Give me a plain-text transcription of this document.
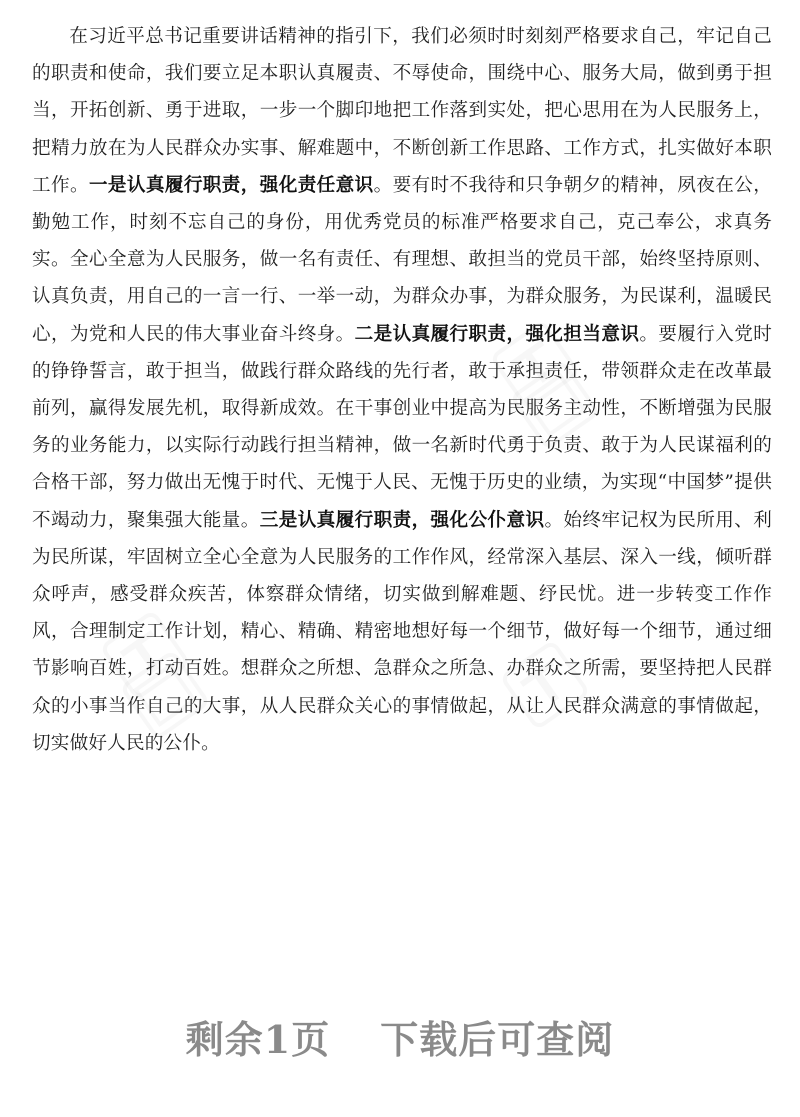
在习近平总书记重要讲话精神的指引下，我们必须时时刻刻严格要求自己，牢记自己的职责和使命，我们要立足本职认真履责、不辱使命，围绕中心、服务大局，做到勇于担当，开拓创新、勇于进取，一步一个脚印地把工作落到实处，把心思用在为人民服务上，把精力放在为人民群众办实事、解难题中，不断创新工作思路、工作方式，扎实做好本职工作。一是认真履行职责，强化责任意识。要有时不我待和只争朝夕的精神，夙夜在公，勤勉工作，时刻不忘自己的身份，用优秀党员的标准严格要求自己，克己奉公，求真务实。全心全意为人民服务，做一名有责任、有理想、敢担当的党员干部，始终坚持原则、认真负责，用自己的一言一行、一举一动，为群众办事，为群众服务，为民谋利，温暖民心，为党和人民的伟大事业奋斗终身。二是认真履行职责，强化担当意识。要履行入党时的铮铮誓言，敢于担当，做践行群众路线的先行者，敢于承担责任，带领群众走在改革最前列，赢得发展先机，取得新成效。在干事创业中提高为民服务主动性，不断增强为民服务的业务能力，以实际行动践行担当精神，做一名新时代勇于负责、敢于为人民谋福利的合格干部，努力做出无愧于时代、无愧于人民、无愧于历史的业绩，为实现“中国梦”提供不竭动力，聚集强大能量。三是认真履行职责，强化公仆意识。始终牢记权为民所用、利为民所谋，牢固树立全心全意为人民服务的工作作风，经常深入基层、深入一线，倾听群众呼声，感受群众疾苦，体察群众情绪，切实做到解难题、纾民忧。进一步转变工作作风，合理制定工作计划，精心、精确、精密地想好每一个细节，做好每一个细节，通过细节影响百姓，打动百姓。想群众之所想、急群众之所急、办群众之所需，要坚持把人民群众的小事当作自己的大事，从人民群众关心的事情做起，从让人民群众满意的事情做起，切实做好人民的公仆。

剩余1页 下载后可查阅
